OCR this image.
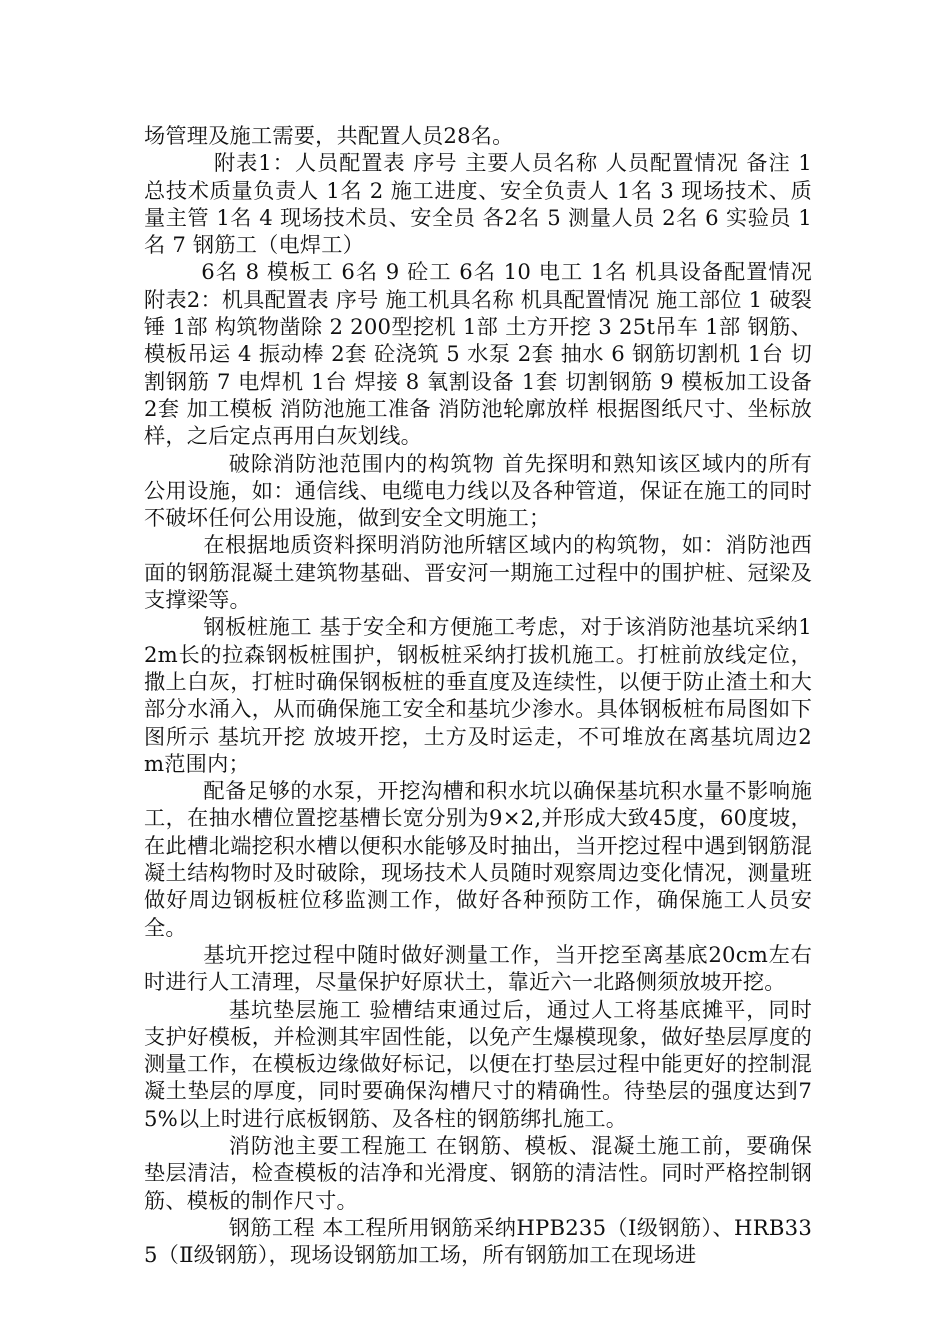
场管理及施工需要，共配置人员28名。

附表1：人员配置表 序号 主要人员名称 人员配置情况 备注 1 总技术质量负责人 1名 2 施工进度、安全负责人 1名 3 现场技术、质量主管 1名 4 现场技术员、安全员 各2名 5 测量人员 2名 6 实验员 1名 7 钢筋工（电焊工）

6名 8 模板工 6名 9 砼工 6名 10 电工 1名 机具设备配置情况 附表2：机具配置表 序号 施工机具名称 机具配置情况 施工部位 1 破裂锤 1部 构筑物凿除 2 200型挖机 1部 土方开挖 3 25t吊车 1部 钢筋、模板吊运 4 振动棒 2套 砼浇筑 5 水泵 2套 抽水 6 钢筋切割机 1台 切割钢筋 7 电焊机 1台 焊接 8 氧割设备 1套 切割钢筋 9 模板加工设备 2套 加工模板 消防池施工准备 消防池轮廓放样 根据图纸尺寸、坐标放样，之后定点再用白灰划线。

破除消防池范围内的构筑物 首先探明和熟知该区域内的所有公用设施，如：通信线、电缆电力线以及各种管道，保证在施工的同时不破坏任何公用设施，做到安全文明施工；

在根据地质资料探明消防池所辖区域内的构筑物，如：消防池西面的钢筋混凝土建筑物基础、晋安河一期施工过程中的围护桩、冠梁及支撑梁等。

钢板桩施工 基于安全和方便施工考虑，对于该消防池基坑采纳12m长的拉森钢板桩围护，钢板桩采纳打拔机施工。打桩前放线定位，撒上白灰，打桩时确保钢板桩的垂直度及连续性，以便于防止渣土和大部分水涌入，从而确保施工安全和基坑少渗水。具体钢板桩布局图如下图所示 基坑开挖 放坡开挖，土方及时运走，不可堆放在离基坑周边2m范围内；

配备足够的水泵，开挖沟槽和积水坑以确保基坑积水量不影响施工，在抽水槽位置挖基槽长宽分别为9×2,并形成大致45度，60度坡，在此槽北端挖积水槽以便积水能够及时抽出，当开挖过程中遇到钢筋混凝土结构物时及时破除，现场技术人员随时观察周边变化情况，测量班做好周边钢板桩位移监测工作，做好各种预防工作，确保施工人员安全。

基坑开挖过程中随时做好测量工作，当开挖至离基底20cm左右时进行人工清理，尽量保护好原状土，靠近六一北路侧须放坡开挖。

基坑垫层施工 验槽结束通过后，通过人工将基底摊平，同时支护好模板，并检测其牢固性能，以免产生爆模现象，做好垫层厚度的测量工作，在模板边缘做好标记，以便在打垫层过程中能更好的控制混凝土垫层的厚度，同时要确保沟槽尺寸的精确性。待垫层的强度达到75%以上时进行底板钢筋、及各柱的钢筋绑扎施工。

消防池主要工程施工 在钢筋、模板、混凝土施工前，要确保垫层清洁，检查模板的洁净和光滑度、钢筋的清洁性。同时严格控制钢筋、模板的制作尺寸。

钢筋工程 本工程所用钢筋采纳HPB235（Ⅰ级钢筋）、HRB335（Ⅱ级钢筋），现场设钢筋加工场，所有钢筋加工在现场进
